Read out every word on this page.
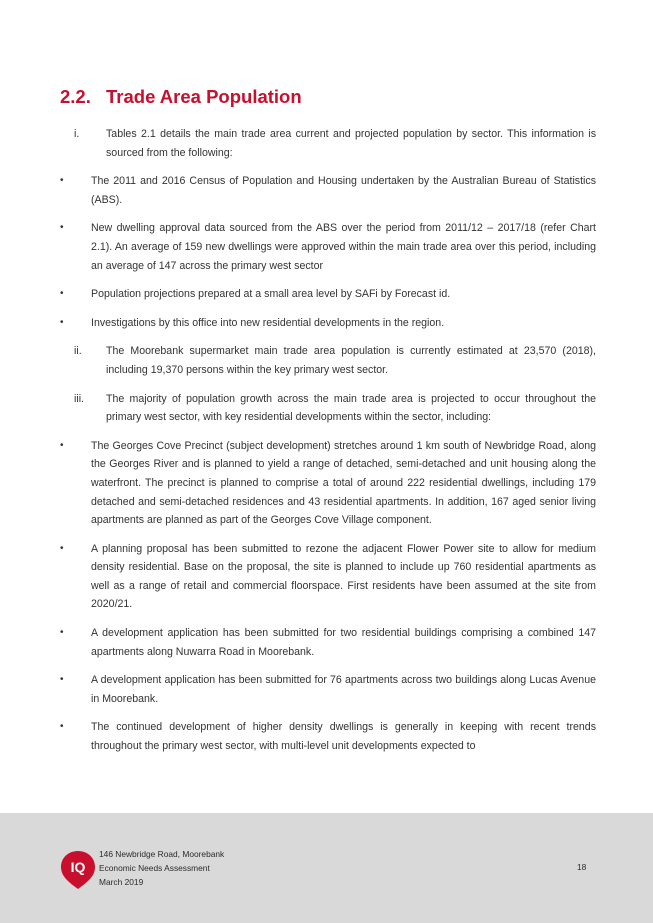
2.2. Trade Area Population

i.	Tables 2.1 details the main trade area current and projected population by sector. This information is sourced from the following:

•	The 2011 and 2016 Census of Population and Housing undertaken by the Australian Bureau of Statistics (ABS).
•	New dwelling approval data sourced from the ABS over the period from 2011/12 – 2017/18 (refer Chart 2.1). An average of 159 new dwellings were approved within the main trade area over this period, including an average of 147 across the primary west sector
•	Population projections prepared at a small area level by SAFi by Forecast id.
•	Investigations by this office into new residential developments in the region.

ii. The Moorebank supermarket main trade area population is currently estimated at 23,570 (2018), including 19,370 persons within the key primary west sector.

iii. The majority of population growth across the main trade area is projected to occur throughout the primary west sector, with key residential developments within the sector, including:

•	The Georges Cove Precinct (subject development) stretches around 1 km south of Newbridge Road, along the Georges River and is planned to yield a range of detached, semi-detached and unit housing along the waterfront. The precinct is planned to comprise a total of around 222 residential dwellings, including 179 detached and semi-detached residences and 43 residential apartments. In addition, 167 aged senior living apartments are planned as part of the Georges Cove Village component.
•	A planning proposal has been submitted to rezone the adjacent Flower Power site to allow for medium density residential. Base on the proposal, the site is planned to include up 760 residential apartments as well as a range of retail and commercial floorspace. First residents have been assumed at the site from 2020/21.
•	A development application has been submitted for two residential buildings comprising a combined 147 apartments along Nuwarra Road in Moorebank.
•	A development application has been submitted for 76 apartments across two buildings along Lucas Avenue in Moorebank.
•	The continued development of higher density dwellings is generally in keeping with recent trends throughout the primary west sector, with multi-level unit developments expected to
IQ
146 Newbridge Road, Moorebank
Economic Needs Assessment
March 2019
18
